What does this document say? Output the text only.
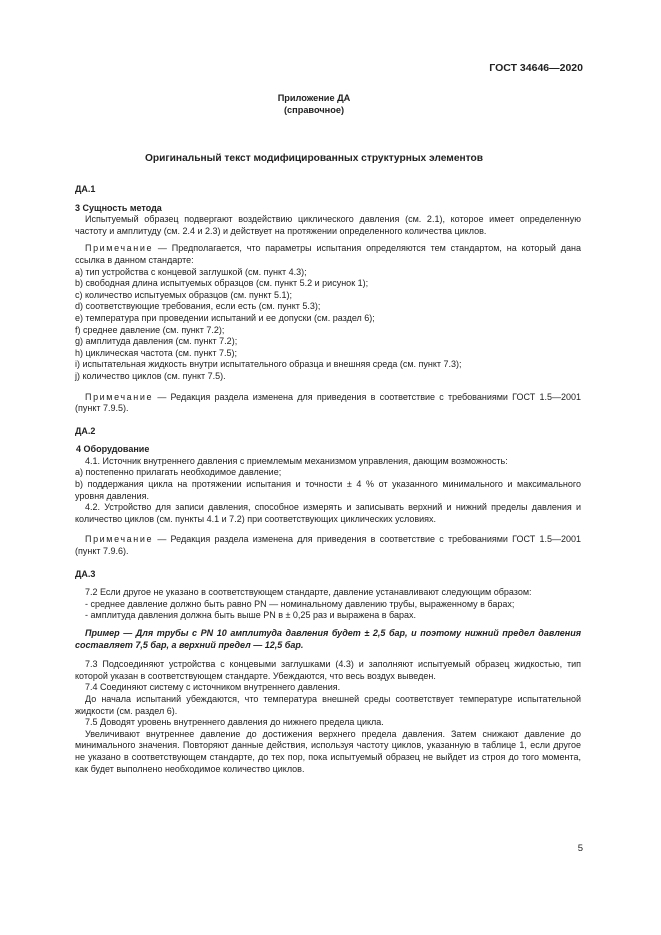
ГОСТ 34646—2020
Приложение ДА
(справочное)
Оригинальный текст модифицированных структурных элементов
ДА.1
3 Сущность метода
Испытуемый образец подвергают воздействию циклического давления (см. 2.1), которое имеет определенную частоту и амплитуду (см. 2.4 и 2.3) и действует на протяжении определенного количества циклов.
Примечание — Предполагается, что параметры испытания определяются тем стандартом, на который дана ссылка в данном стандарте:
a) тип устройства с концевой заглушкой (см. пункт 4.3);
b) свободная длина испытуемых образцов (см. пункт 5.2 и рисунок 1);
c) количество испытуемых образцов (см. пункт 5.1);
d) соответствующие требования, если есть (см. пункт 5.3);
e) температура при проведении испытаний и ее допуски (см. раздел 6);
f) среднее давление (см. пункт 7.2);
g) амплитуда давления (см. пункт 7.2);
h) циклическая частота (см. пункт 7.5);
i) испытательная жидкость внутри испытательного образца и внешняя среда (см. пункт 7.3);
j) количество циклов (см. пункт 7.5).
Примечание — Редакция раздела изменена для приведения в соответствие с требованиями ГОСТ 1.5—2001 (пункт 7.9.5).
ДА.2
4 Оборудование
4.1. Источник внутреннего давления с приемлемым механизмом управления, дающим возможность:
а) постепенно прилагать необходимое давление;
b) поддержания цикла на протяжении испытания и точности ± 4 % от указанного минимального и максимального уровня давления.
4.2. Устройство для записи давления, способное измерять и записывать верхний и нижний пределы давления и количество циклов (см. пункты 4.1 и 7.2) при соответствующих циклических условиях.
Примечание — Редакция раздела изменена для приведения в соответствие с требованиями ГОСТ 1.5—2001 (пункт 7.9.6).
ДА.3
7.2 Если другое не указано в соответствующем стандарте, давление устанавливают следующим образом:
- среднее давление должно быть равно PN — номинальному давлению трубы, выраженному в барах;
- амплитуда давления должна быть выше PN в ± 0,25 раз и выражена в барах.
Пример — Для трубы с PN 10 амплитуда давления будет ± 2,5 бар, и поэтому нижний предел давления составляет 7,5 бар, а верхний предел — 12,5 бар.
7.3 Подсоединяют устройства с концевыми заглушками (4.3) и заполняют испытуемый образец жидкостью, тип которой указан в соответствующем стандарте. Убеждаются, что весь воздух выведен.
7.4 Соединяют систему с источником внутреннего давления.
До начала испытаний убеждаются, что температура внешней среды соответствует температуре испытательной жидкости (см. раздел 6).
7.5 Доводят уровень внутреннего давления до нижнего предела цикла.
Увеличивают внутреннее давление до достижения верхнего предела давления. Затем снижают давление до минимального значения. Повторяют данные действия, используя частоту циклов, указанную в таблице 1, если другое не указано в соответствующем стандарте, до тех пор, пока испытуемый образец не выйдет из строя до того момента, как будет выполнено необходимое количество циклов.
5
